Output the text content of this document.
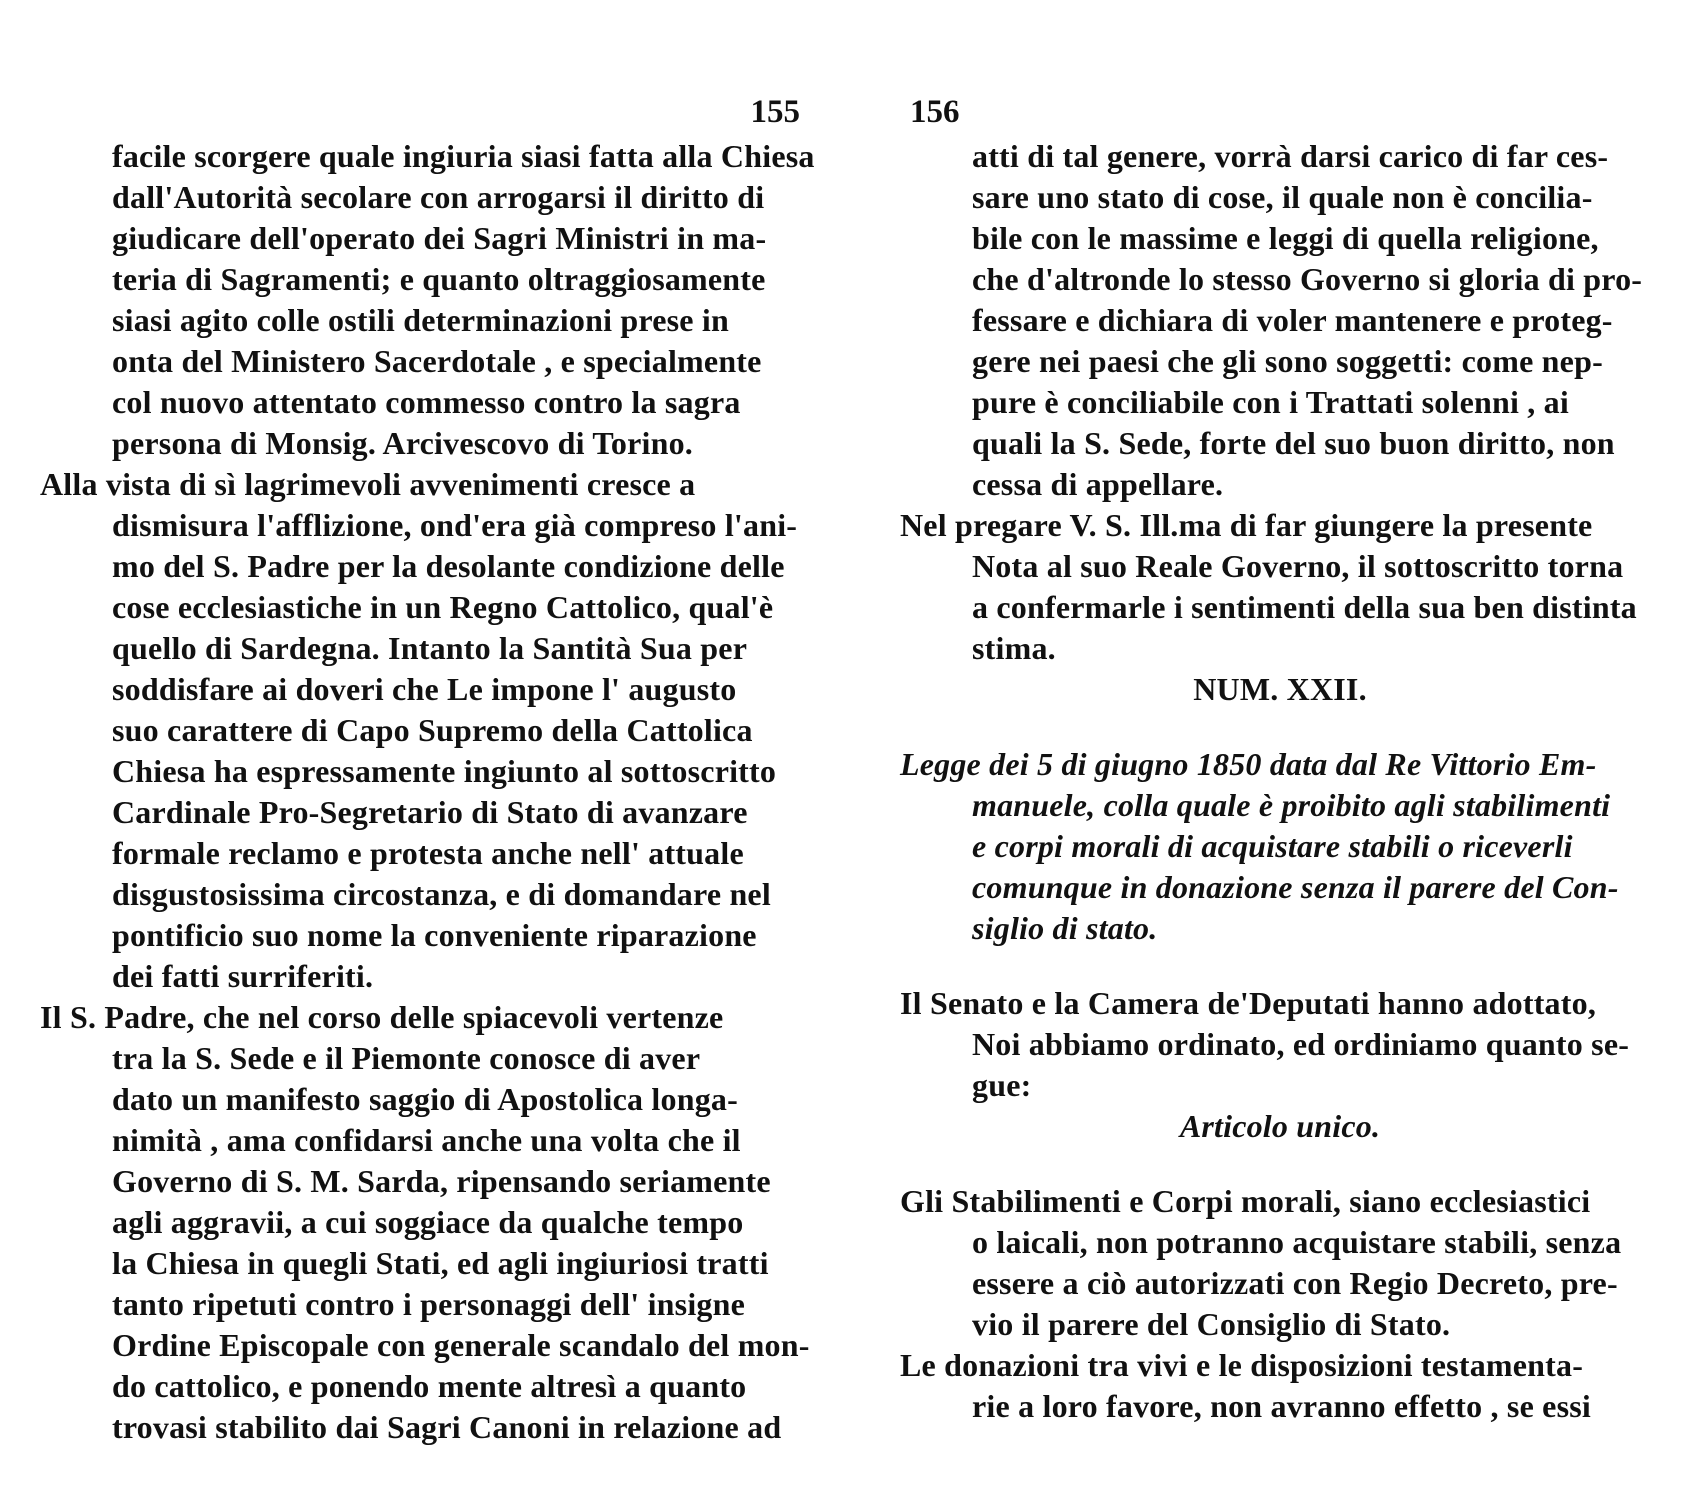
155
facile scorgere quale ingiuria siasi fatta alla Chiesa
dall'Autorità secolare con arrogarsi il diritto di
giudicare dell'operato dei Sagri Ministri in ma-
teria di Sagramenti; e quanto oltraggiosamente
siasi agito colle ostili determinazioni prese in
onta del Ministero Sacerdotale , e specialmente
col nuovo attentato commesso contro la sagra
persona di Monsig. Arcivescovo di Torino.
Alla vista di sì lagrimevoli avvenimenti cresce a
dismisura l'afflizione, ond'era già compreso l'ani-
mo del S. Padre per la desolante condizione delle
cose ecclesiastiche in un Regno Cattolico, qual'è
quello di Sardegna. Intanto la Santità Sua per
soddisfare ai doveri che Le impone l' augusto
suo carattere di Capo Supremo della Cattolica
Chiesa ha espressamente ingiunto al sottoscritto
Cardinale Pro-Segretario di Stato di avanzare
formale reclamo e protesta anche nell' attuale
disgustosissima circostanza, e di domandare nel
pontificio suo nome la conveniente riparazione
dei fatti surriferiti.
Il S. Padre, che nel corso delle spiacevoli vertenze
tra la S. Sede e il Piemonte conosce di aver
dato un manifesto saggio di Apostolica longa-
nimità , ama confidarsi anche una volta che il
Governo di S. M. Sarda, ripensando seriamente
agli aggravii, a cui soggiace da qualche tempo
la Chiesa in quegli Stati, ed agli ingiuriosi tratti
tanto ripetuti contro i personaggi dell' insigne
Ordine Episcopale con generale scandalo del mon-
do cattolico, e ponendo mente altresì a quanto
trovasi stabilito dai Sagri Canoni in relazione ad
156
atti di tal genere, vorrà darsi carico di far ces-
sare uno stato di cose, il quale non è concilia-
bile con le massime e leggi di quella religione,
che d'altronde lo stesso Governo si gloria di pro-
fessare e dichiara di voler mantenere e proteg-
gere nei paesi che gli sono soggetti: come nep-
pure è conciliabile con i Trattati solenni , ai
quali la S. Sede, forte del suo buon diritto, non
cessa di appellare.
Nel pregare V. S. Ill.ma di far giungere la presente
Nota al suo Reale Governo, il sottoscritto torna
a confermarle i sentimenti della sua ben distinta
stima.
NUM. XXII.
Legge dei 5 di giugno 1850 data dal Re Vittorio Em-
manuele, colla quale è proibito agli stabilimenti
e corpi morali di acquistare stabili o riceverli
comunque in donazione senza il parere del Con-
siglio di stato.
Il Senato e la Camera de'Deputati hanno adottato,
Noi abbiamo ordinato, ed ordiniamo quanto se-
gue:
Articolo unico.
Gli Stabilimenti e Corpi morali, siano ecclesiastici
o laicali, non potranno acquistare stabili, senza
essere a ciò autorizzati con Regio Decreto, pre-
vio il parere del Consiglio di Stato.
Le donazioni tra vivi e le disposizioni testamenta-
rie a loro favore, non avranno effetto , se essi
